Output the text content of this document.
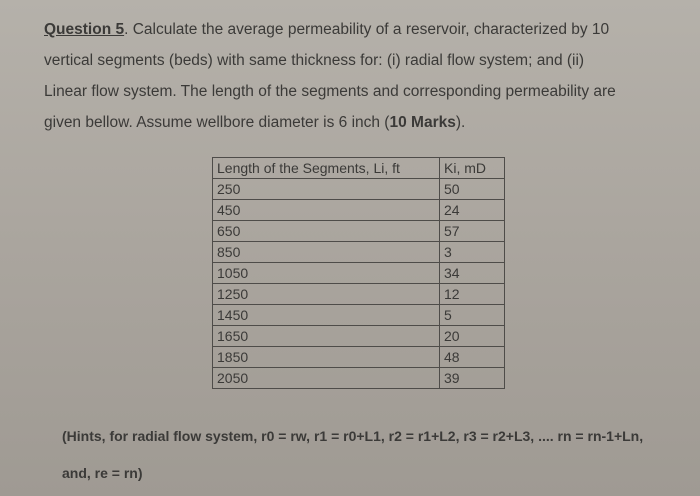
Question 5. Calculate the average permeability of a reservoir, characterized by 10
vertical segments (beds) with same thickness for: (i) radial flow system; and (ii)
Linear flow system. The length of the segments and corresponding permeability are
given bellow. Assume wellbore diameter is 6 inch (10 Marks).
Length of the Segments, Li, ft	Ki, mD
250	50
450	24
650	57
850	3
1050	34
1250	12
1450	5
1650	20
1850	48
2050	39
(Hints, for radial flow system, r0 = rw, r1 = r0+L1, r2 = r1+L2, r3 = r2+L3, .... rn = rn-1+Ln,
and, re = rn)
